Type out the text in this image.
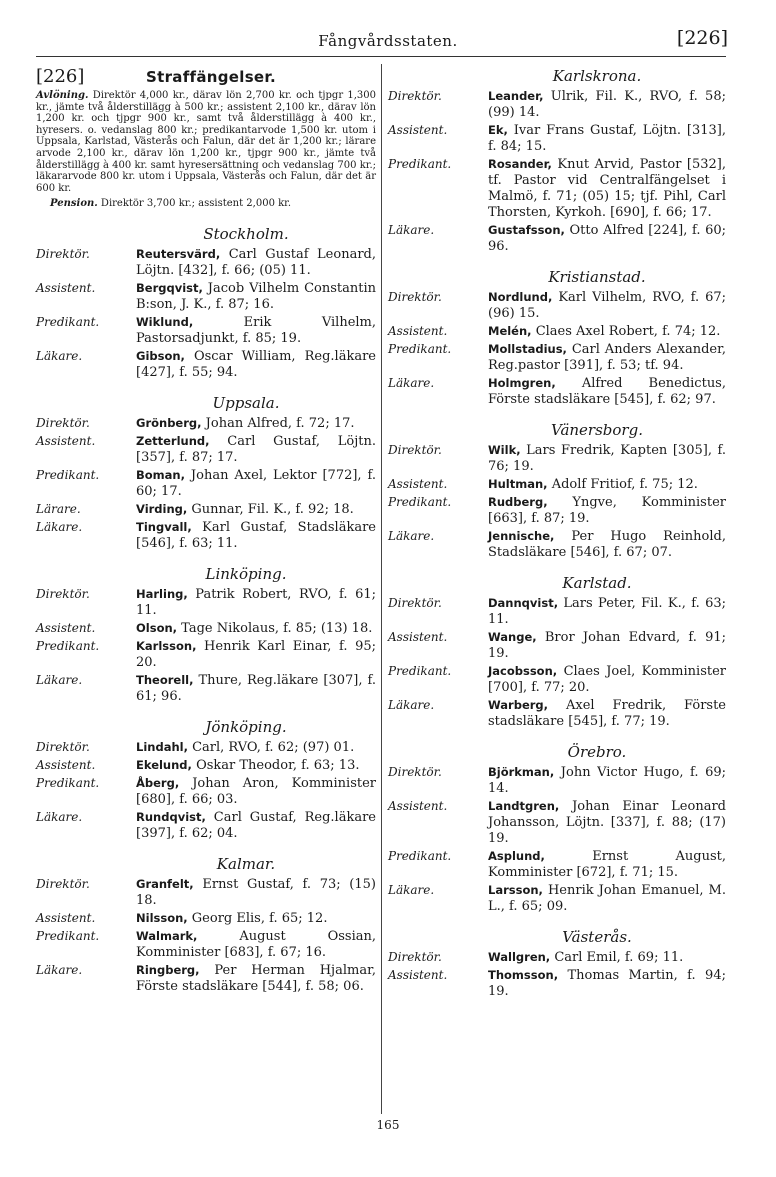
Fångvårdsstaten.	[226]
[226]	Straffängelser.

Avlöning. Direktör 4,000 kr., därav lön 2,700 kr. och tjpgr 1,300 kr., jämte två ålderstillägg à 500 kr.; assistent 2,100 kr., därav lön 1,200 kr. och tjpgr 900 kr., samt två ålderstillägg à 400 kr., hyresers. o. vedanslag 800 kr.; predikantarvode 1,500 kr. utom i Uppsala, Karlstad, Västerås och Falun, där det är 1,200 kr.; lärare arvode 2,100 kr., därav lön 1,200 kr., tjpgr 900 kr., jämte två ålderstillägg à 400 kr. samt hyresersättning och vedanslag 700 kr.; läkararvode 800 kr. utom i Uppsala, Västerås och Falun, där det är 600 kr.

Pension. Direktör 3,700 kr.; assistent 2,000 kr.

Stockholm.
Direktör.	Reutersvärd, Carl Gustaf Leonard, Löjtn. [432], f. 66; (05) 11.
Assistent.	Bergqvist, Jacob Vilhelm Constantin B:son, J. K., f. 87; 16.
Predikant.	Wiklund,	Erik Vilhelm, Pastorsadjunkt, f. 85; 19.
Läkare.	Gibson, Oscar William, Reg.läkare [427], f. 55; 94.
Uppsala.
Direktör.	Grönberg, Johan Alfred, f. 72; 17.
Assistent.	Zetterlund, Carl Gustaf, Löjtn. [357], f. 87; 17.
Predikant.	Boman, Johan Axel, Lektor [772], f. 60; 17.
Lärare.	Virding, Gunnar, Fil. K., f. 92; 18.
Läkare.	Tingvall, Karl Gustaf, Stadsläkare [546], f. 63; 11.
Linköping.
Direktör.	Harling, Patrik Robert, RVO, f. 61; 11.
Assistent.	Olson, Tage Nikolaus, f. 85; (13) 18.
Predikant.	Karlsson, Henrik Karl Einar, f. 95; 20.
Läkare.	Theorell, Thure, Reg.läkare [307], f. 61; 96.
Jönköping.
Direktör.	Lindahl, Carl, RVO, f. 62; (97) 01.
Assistent.	Ekelund, Oskar Theodor, f. 63; 13.
Predikant.	Åberg, Johan Aron, Komminister [680], f. 66; 03.
Läkare.	Rundqvist, Carl Gustaf, Reg.läkare [397], f. 62; 04.
Kalmar.
Direktör.	Granfelt, Ernst Gustaf, f. 73; (15) 18.
Assistent.	Nilsson, Georg Elis, f. 65; 12.
Predikant.	Walmark,	August Ossian, Komminister [683], f. 67; 16.
Läkare.	Ringberg, Per Herman Hjalmar, Förste stadsläkare [544], f. 58; 06.
Karlskrona.
Direktör.	Leander, Ulrik, Fil. K., RVO, f. 58; (99) 14.
Assistent.	Ek, Ivar Frans Gustaf, Löjtn. [313], f. 84; 15.
Predikant.	Rosander, Knut Arvid, Pastor [532], tf. Pastor vid Centralfängelset i Malmö, f. 71; (05) 15; tjf. Pihl, Carl Thorsten, Kyrkoh. [690], f. 66; 17.
Läkare.	Gustafsson, Otto Alfred [224], f. 60; 96.
Kristianstad.
Direktör.	Nordlund, Karl Vilhelm, RVO, f. 67; (96) 15.
Assistent.	Melén, Claes Axel Robert, f. 74; 12.
Predikant.	Mollstadius, Carl Anders Alexander, Reg.pastor [391], f. 53; tf. 94.
Läkare.	Holmgren, Alfred Benedictus, Förste stadsläkare [545], f. 62; 97.
Vänersborg.
Direktör.	Wilk, Lars Fredrik, Kapten [305], f. 76; 19.
Assistent.	Hultman, Adolf Fritiof, f. 75; 12.
Predikant.	Rudberg, Yngve, Komminister [663], f. 87; 19.
Läkare.	Jennische, Per Hugo Reinhold, Stadsläkare [546], f. 67; 07.
Karlstad.
Direktör.	Dannqvist, Lars Peter, Fil. K., f. 63; 11.
Assistent.	Wange, Bror Johan Edvard, f. 91; 19.
Predikant.	Jacobsson, Claes Joel, Komminister [700], f. 77; 20.
Läkare.	Warberg, Axel Fredrik, Förste stadsläkare [545], f. 77; 19.
Örebro.
Direktör.	Björkman, John Victor Hugo, f. 69; 14.
Assistent.	Landtgren, Johan Einar Leonard Johansson, Löjtn. [337], f. 88; (17) 19.
Predikant.	Asplund,	Ernst August, Komminister [672], f. 71; 15.
Läkare.	Larsson, Henrik Johan Emanuel, M. L., f. 65; 09.
Västerås.
Direktör.	Wallgren, Carl Emil, f. 69; 11.
Assistent.	Thomsson, Thomas Martin, f. 94; 19.
165
